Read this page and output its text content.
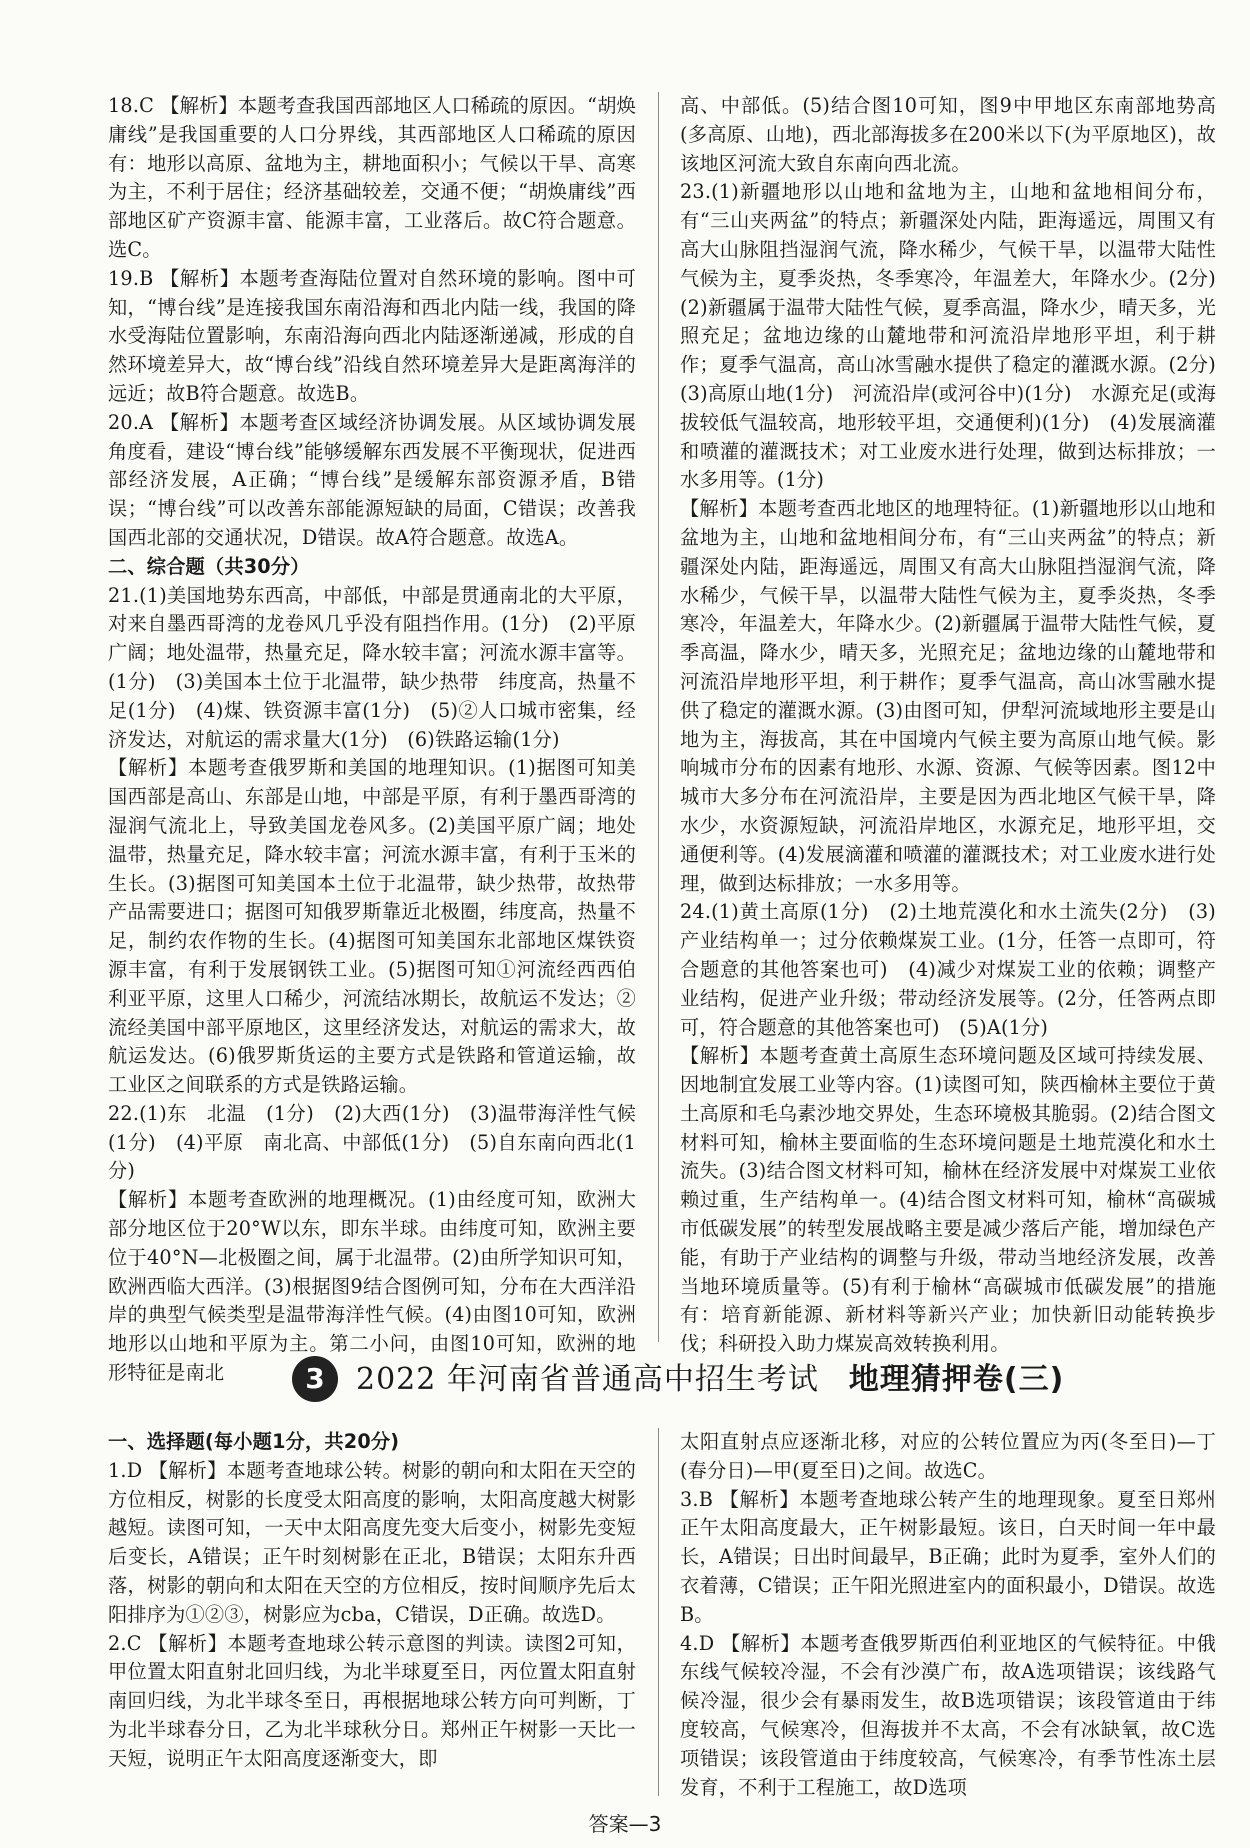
18.C 【解析】本题考查我国西部地区人口稀疏的原因。“胡焕庸线”是我国重要的人口分界线，其西部地区人口稀疏的原因有：地形以高原、盆地为主，耕地面积小；气候以干旱、高寒为主，不利于居住；经济基础较差，交通不便；“胡焕庸线”西部地区矿产资源丰富、能源丰富，工业落后。故C符合题意。选C。

19.B 【解析】本题考查海陆位置对自然环境的影响。图中可知，“博台线”是连接我国东南沿海和西北内陆一线，我国的降水受海陆位置影响，东南沿海向西北内陆逐渐递减，形成的自然环境差异大，故“博台线”沿线自然环境差异大是距离海洋的远近；故B符合题意。故选B。

20.A 【解析】本题考查区域经济协调发展。从区域协调发展角度看，建设“博台线”能够缓解东西发展不平衡现状，促进西部经济发展，A正确；“博台线”是缓解东部资源矛盾，B错误；“博台线”可以改善东部能源短缺的局面，C错误；改善我国西北部的交通状况，D错误。故A符合题意。故选A。

二、综合题（共30分）

21.(1)美国地势东西高，中部低，中部是贯通南北的大平原，对来自墨西哥湾的龙卷风几乎没有阻挡作用。(1分)　(2)平原广阔；地处温带，热量充足，降水较丰富；河流水源丰富等。(1分)　(3)美国本土位于北温带，缺少热带　纬度高，热量不足(1分)　(4)煤、铁资源丰富(1分)　(5)②人口城市密集，经济发达，对航运的需求量大(1分)　(6)铁路运输(1分)

【解析】本题考查俄罗斯和美国的地理知识。(1)据图可知美国西部是高山、东部是山地，中部是平原，有利于墨西哥湾的湿润气流北上，导致美国龙卷风多。(2)美国平原广阔；地处温带，热量充足，降水较丰富；河流水源丰富，有利于玉米的生长。(3)据图可知美国本土位于北温带，缺少热带，故热带产品需要进口；据图可知俄罗斯靠近北极圈，纬度高，热量不足，制约农作物的生长。(4)据图可知美国东北部地区煤铁资源丰富，有利于发展钢铁工业。(5)据图可知①河流经西西伯利亚平原，这里人口稀少，河流结冰期长，故航运不发达；②流经美国中部平原地区，这里经济发达，对航运的需求大，故航运发达。(6)俄罗斯货运的主要方式是铁路和管道运输，故工业区之间联系的方式是铁路运输。

22.(1)东　北温　(1分)　(2)大西(1分)　(3)温带海洋性气候(1分)　(4)平原　南北高、中部低(1分)　(5)自东南向西北(1分)

【解析】本题考查欧洲的地理概况。(1)由经度可知，欧洲大部分地区位于20°W以东，即东半球。由纬度可知，欧洲主要位于40°N—北极圈之间，属于北温带。(2)由所学知识可知，欧洲西临大西洋。(3)根据图9结合图例可知，分布在大西洋沿岸的典型气候类型是温带海洋性气候。(4)由图10可知，欧洲地形以山地和平原为主。第二小问，由图10可知，欧洲的地形特征是南北

高、中部低。(5)结合图10可知，图9中甲地区东南部地势高(多高原、山地)，西北部海拔多在200米以下(为平原地区)，故该地区河流大致自东南向西北流。

23.(1)新疆地形以山地和盆地为主，山地和盆地相间分布，有“三山夹两盆”的特点；新疆深处内陆，距海遥远，周围又有高大山脉阻挡湿润气流，降水稀少，气候干旱，以温带大陆性气候为主，夏季炎热，冬季寒冷，年温差大，年降水少。(2分)　(2)新疆属于温带大陆性气候，夏季高温，降水少，晴天多，光照充足；盆地边缘的山麓地带和河流沿岸地形平坦，利于耕作；夏季气温高，高山冰雪融水提供了稳定的灌溉水源。(2分)　(3)高原山地(1分)　河流沿岸(或河谷中)(1分)　水源充足(或海拔较低气温较高，地形较平坦，交通便利)(1分)　(4)发展滴灌和喷灌的灌溉技术；对工业废水进行处理，做到达标排放；一水多用等。(1分)

【解析】本题考查西北地区的地理特征。(1)新疆地形以山地和盆地为主，山地和盆地相间分布，有“三山夹两盆”的特点；新疆深处内陆，距海遥远，周围又有高大山脉阻挡湿润气流，降水稀少，气候干旱，以温带大陆性气候为主，夏季炎热，冬季寒冷，年温差大，年降水少。(2)新疆属于温带大陆性气候，夏季高温，降水少，晴天多，光照充足；盆地边缘的山麓地带和河流沿岸地形平坦，利于耕作；夏季气温高，高山冰雪融水提供了稳定的灌溉水源。(3)由图可知，伊犁河流域地形主要是山地为主，海拔高，其在中国境内气候主要为高原山地气候。影响城市分布的因素有地形、水源、资源、气候等因素。图12中城市大多分布在河流沿岸，主要是因为西北地区气候干旱，降水少，水资源短缺，河流沿岸地区，水源充足，地形平坦，交通便利等。(4)发展滴灌和喷灌的灌溉技术；对工业废水进行处理，做到达标排放；一水多用等。

24.(1)黄土高原(1分)　(2)土地荒漠化和水土流失(2分)　(3)产业结构单一；过分依赖煤炭工业。(1分，任答一点即可，符合题意的其他答案也可)　(4)减少对煤炭工业的依赖；调整产业结构，促进产业升级；带动经济发展等。(2分，任答两点即可，符合题意的其他答案也可)　(5)A(1分)

【解析】本题考查黄土高原生态环境问题及区域可持续发展、因地制宜发展工业等内容。(1)读图可知，陕西榆林主要位于黄土高原和毛乌素沙地交界处，生态环境极其脆弱。(2)结合图文材料可知，榆林主要面临的生态环境问题是土地荒漠化和水土流失。(3)结合图文材料可知，榆林在经济发展中对煤炭工业依赖过重，生产结构单一。(4)结合图文材料可知，榆林“高碳城市低碳发展”的转型发展战略主要是减少落后产能，增加绿色产能，有助于产业结构的调整与升级，带动当地经济发展，改善当地环境质量等。(5)有利于榆林“高碳城市低碳发展”的措施有：培育新能源、新材料等新兴产业；加快新旧动能转换步伐；科研投入助力煤炭高效转换利用。

3	2022 年河南省普通高中招生考试 地理猜押卷(三)

一、选择题(每小题1分，共20分)

1.D 【解析】本题考查地球公转。树影的朝向和太阳在天空的方位相反，树影的长度受太阳高度的影响，太阳高度越大树影越短。读图可知，一天中太阳高度先变大后变小，树影先变短后变长，A错误；正午时刻树影在正北，B错误；太阳东升西落，树影的朝向和太阳在天空的方位相反，按时间顺序先后太阳排序为①②③，树影应为cba，C错误，D正确。故选D。

2.C 【解析】本题考查地球公转示意图的判读。读图2可知，甲位置太阳直射北回归线，为北半球夏至日，丙位置太阳直射南回归线，为北半球冬至日，再根据地球公转方向可判断，丁为北半球春分日，乙为北半球秋分日。郑州正午树影一天比一天短，说明正午太阳高度逐渐变大，即

太阳直射点应逐渐北移，对应的公转位置应为丙(冬至日)—丁(春分日)—甲(夏至日)之间。故选C。

3.B 【解析】本题考查地球公转产生的地理现象。夏至日郑州正午太阳高度最大，正午树影最短。该日，白天时间一年中最长，A错误；日出时间最早，B正确；此时为夏季，室外人们的衣着薄，C错误；正午阳光照进室内的面积最小，D错误。故选B。

4.D 【解析】本题考查俄罗斯西伯利亚地区的气候特征。中俄东线气候较冷湿，不会有沙漠广布，故A选项错误；该线路气候冷湿，很少会有暴雨发生，故B选项错误；该段管道由于纬度较高，气候寒冷，但海拔并不太高，不会有冰缺氧，故C选项错误；该段管道由于纬度较高，气候寒冷，有季节性冻土层发育，不利于工程施工，故D选项

答案—3
